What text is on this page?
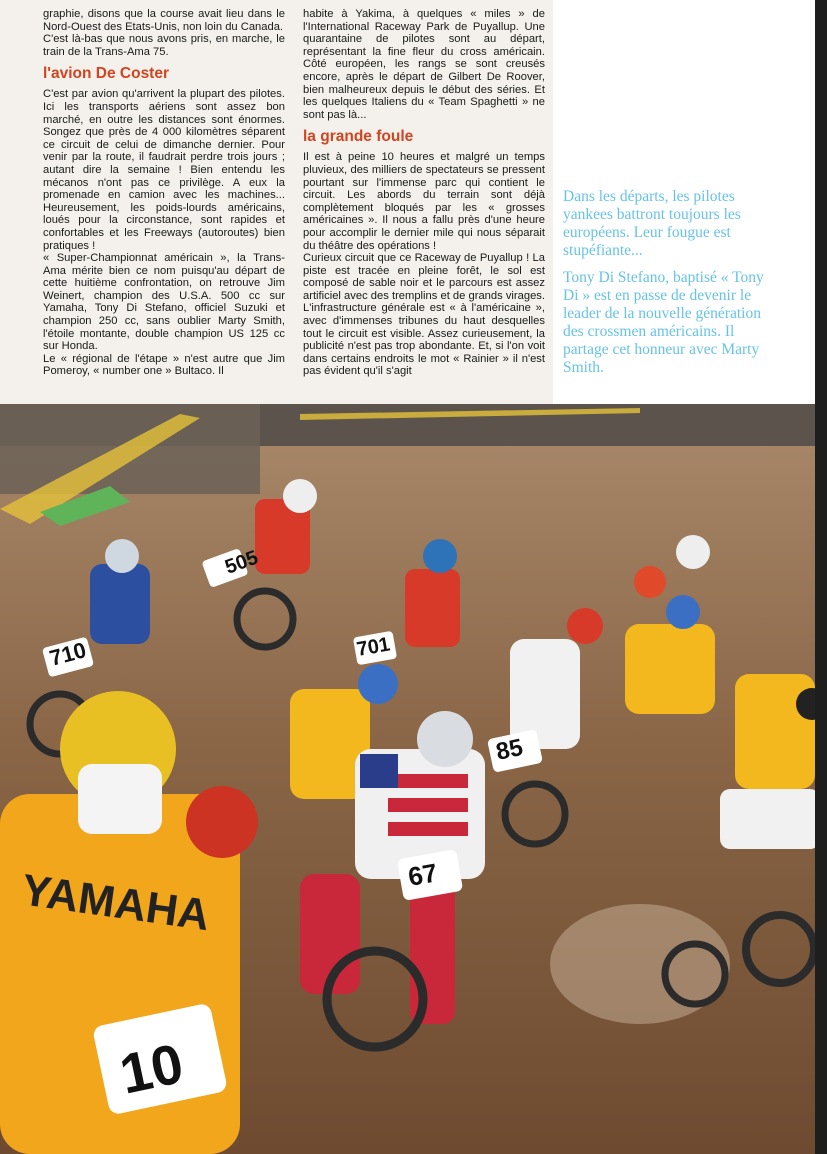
graphie, disons que la course avait lieu dans le Nord-Ouest des Etats-Unis, non loin du Canada.

C'est là-bas que nous avons pris, en marche, le train de la Trans-Ama 75.

l'avion De Coster

C'est par avion qu'arrivent la plupart des pilotes. Ici les transports aériens sont assez bon marché, en outre les distances sont énormes. Songez que près de 4 000 kilomètres séparent ce circuit de celui de dimanche dernier. Pour venir par la route, il faudrait perdre trois jours ; autant dire la semaine ! Bien entendu les mécanos n'ont pas ce privilège. A eux la promenade en camion avec les machines... Heureusement, les poids-lourds américains, loués pour la circonstance, sont rapides et confortables et les Freeways (autoroutes) bien pratiques !

« Super-Championnat américain », la Trans-Ama mérite bien ce nom puisqu'au départ de cette huitième confrontation, on retrouve Jim Weinert, champion des U.S.A. 500 cc sur Yamaha, Tony Di Stefano, officiel Suzuki et champion 250 cc, sans oublier Marty Smith, l'étoile montante, double champion US 125 cc sur Honda.

Le « régional de l'étape » n'est autre que Jim Pomeroy, « number one » Bultaco. Il

habite à Yakima, à quelques « miles » de l'International Raceway Park de Puyallup. Une quarantaine de pilotes sont au départ, représentant la fine fleur du cross américain. Côté européen, les rangs se sont creusés encore, après le départ de Gilbert De Roover, bien malheureux depuis le début des séries. Et les quelques Italiens du « Team Spaghetti » ne sont pas là...

la grande foule

Il est à peine 10 heures et malgré un temps pluvieux, des milliers de spectateurs se pressent pourtant sur l'immense parc qui contient le circuit. Les abords du terrain sont déjà complètement bloqués par les « grosses américaines ». Il nous a fallu près d'une heure pour accomplir le dernier mile qui nous séparait du théâtre des opérations !

Curieux circuit que ce Raceway de Puyallup ! La piste est tracée en pleine forêt, le sol est composé de sable noir et le parcours est assez artificiel avec des tremplins et de grands virages. L'infrastructure générale est « à l'américaine », avec d'immenses tribunes du haut desquelles tout le circuit est visible. Assez curieusement, la publicité n'est pas trop abondante. Et, si l'on voit dans certains endroits le mot « Rainier » il n'est pas évident qu'il s'agit

Dans les départs, les pilotes yankees battront toujours les européens. Leur fougue est stupéfiante...

Tony Di Stefano, baptisé « Tony Di » est en passe de devenir le leader de la nouvelle génération des crossmen américains. Il partage cet honneur avec Marty Smith.

505
710	701
85
67
10
YAMAHA
